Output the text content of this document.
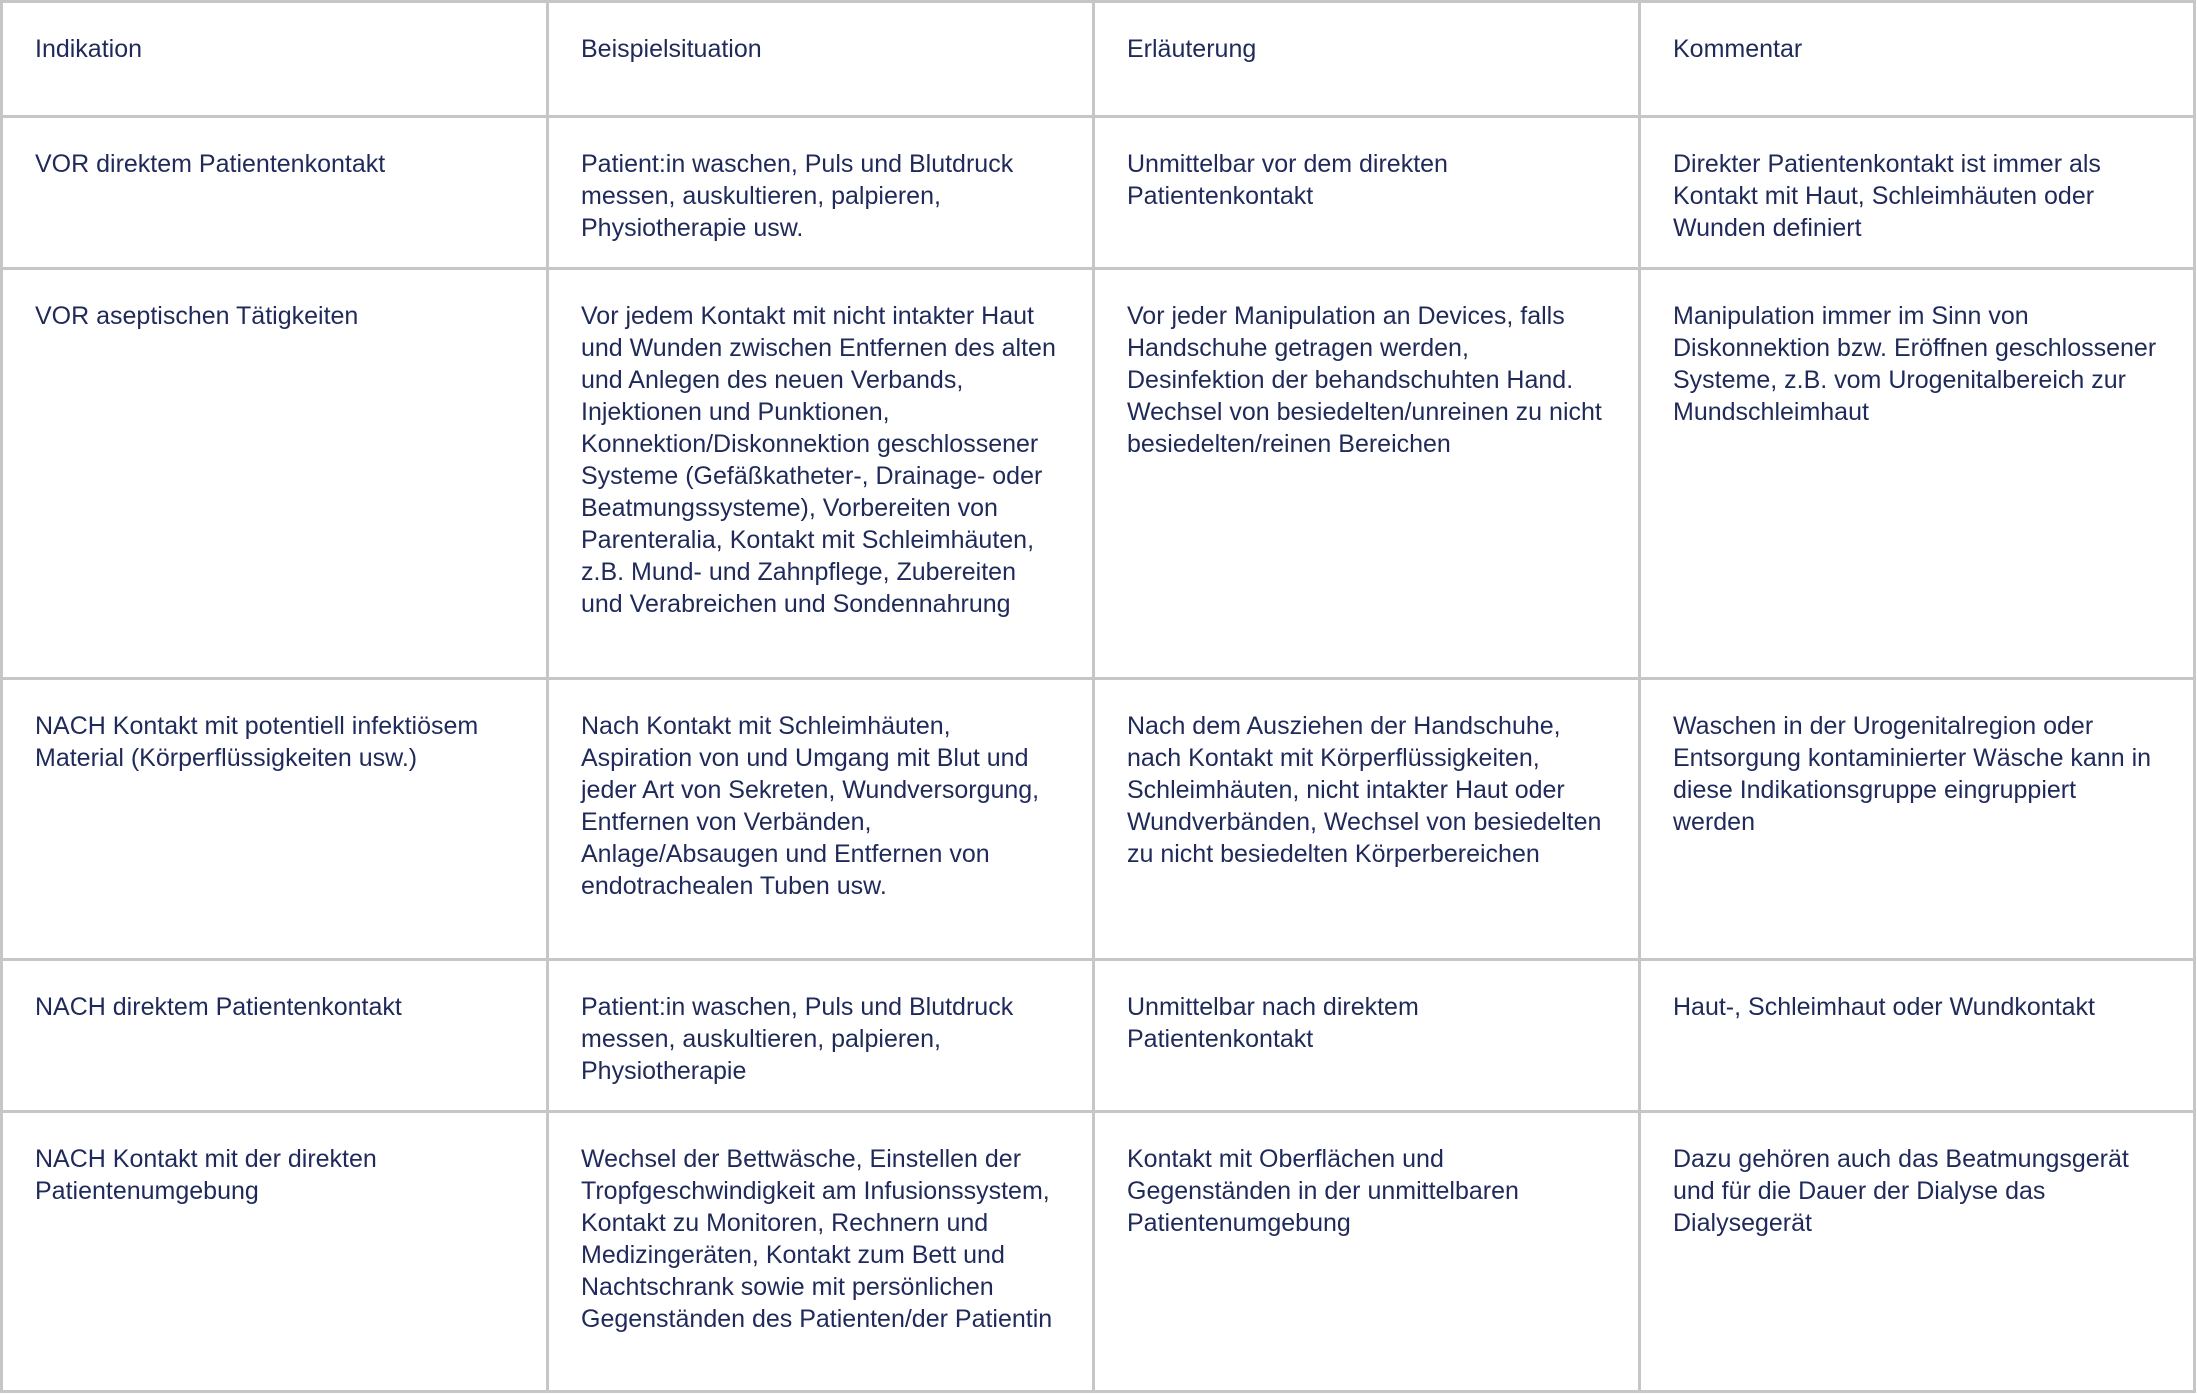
Indikation	Beispielsituation	Erläuterung	Kommentar
VOR direktem Patientenkontakt	Patient:in waschen, Puls und Blutdruck messen, auskultieren, palpieren, Physiotherapie usw.	Unmittelbar vor dem direkten Patientenkontakt	Direkter Patientenkontakt ist immer als Kontakt mit Haut, Schleimhäuten oder Wunden definiert
VOR aseptischen Tätigkeiten	Vor jedem Kontakt mit nicht intakter Haut und Wunden zwischen Entfernen des alten und Anlegen des neuen Verbands, Injektionen und Punktionen, Konnektion/Diskonnektion geschlossener Systeme (Gefäßkatheter-, Drainage- oder Beatmungssysteme), Vorbereiten von Parenteralia, Kontakt mit Schleimhäuten, z.B. Mund- und Zahnpflege, Zubereiten und Verabreichen und Sondennahrung	Vor jeder Manipulation an Devices, falls Handschuhe getragen werden, Desinfektion der behandschuhten Hand. Wechsel von besiedelten/unreinen zu nicht besiedelten/reinen Bereichen	Manipulation immer im Sinn von Diskonnektion bzw. Eröffnen geschlossener Systeme, z.B. vom Urogenitalbereich zur Mundschleimhaut
NACH Kontakt mit potentiell infektiösem Material (Körperflüssigkeiten usw.)	Nach Kontakt mit Schleimhäuten, Aspiration von und Umgang mit Blut und jeder Art von Sekreten, Wundversorgung, Entfernen von Verbänden, Anlage/Absaugen und Entfernen von endotrachealen Tuben usw.	Nach dem Ausziehen der Handschuhe, nach Kontakt mit Körperflüssigkeiten, Schleimhäuten, nicht intakter Haut oder Wundverbänden, Wechsel von besiedelten zu nicht besiedelten Körperbereichen	Waschen in der Urogenitalregion oder Entsorgung kontaminierter Wäsche kann in diese Indikationsgruppe eingruppiert werden
NACH direktem Patientenkontakt	Patient:in waschen, Puls und Blutdruck messen, auskultieren, palpieren, Physiotherapie	Unmittelbar nach direktem Patientenkontakt	Haut-, Schleimhaut oder Wundkontakt
NACH Kontakt mit der direkten Patientenumgebung	Wechsel der Bettwäsche, Einstellen der Tropfgeschwindigkeit am Infusionssystem, Kontakt zu Monitoren, Rechnern und Medizingeräten, Kontakt zum Bett und Nachtschrank sowie mit persönlichen Gegenständen des Patienten/der Patientin	Kontakt mit Oberflächen und Gegenständen in der unmittelbaren Patientenumgebung	Dazu gehören auch das Beatmungsgerät und für die Dauer der Dialyse das Dialysegerät
